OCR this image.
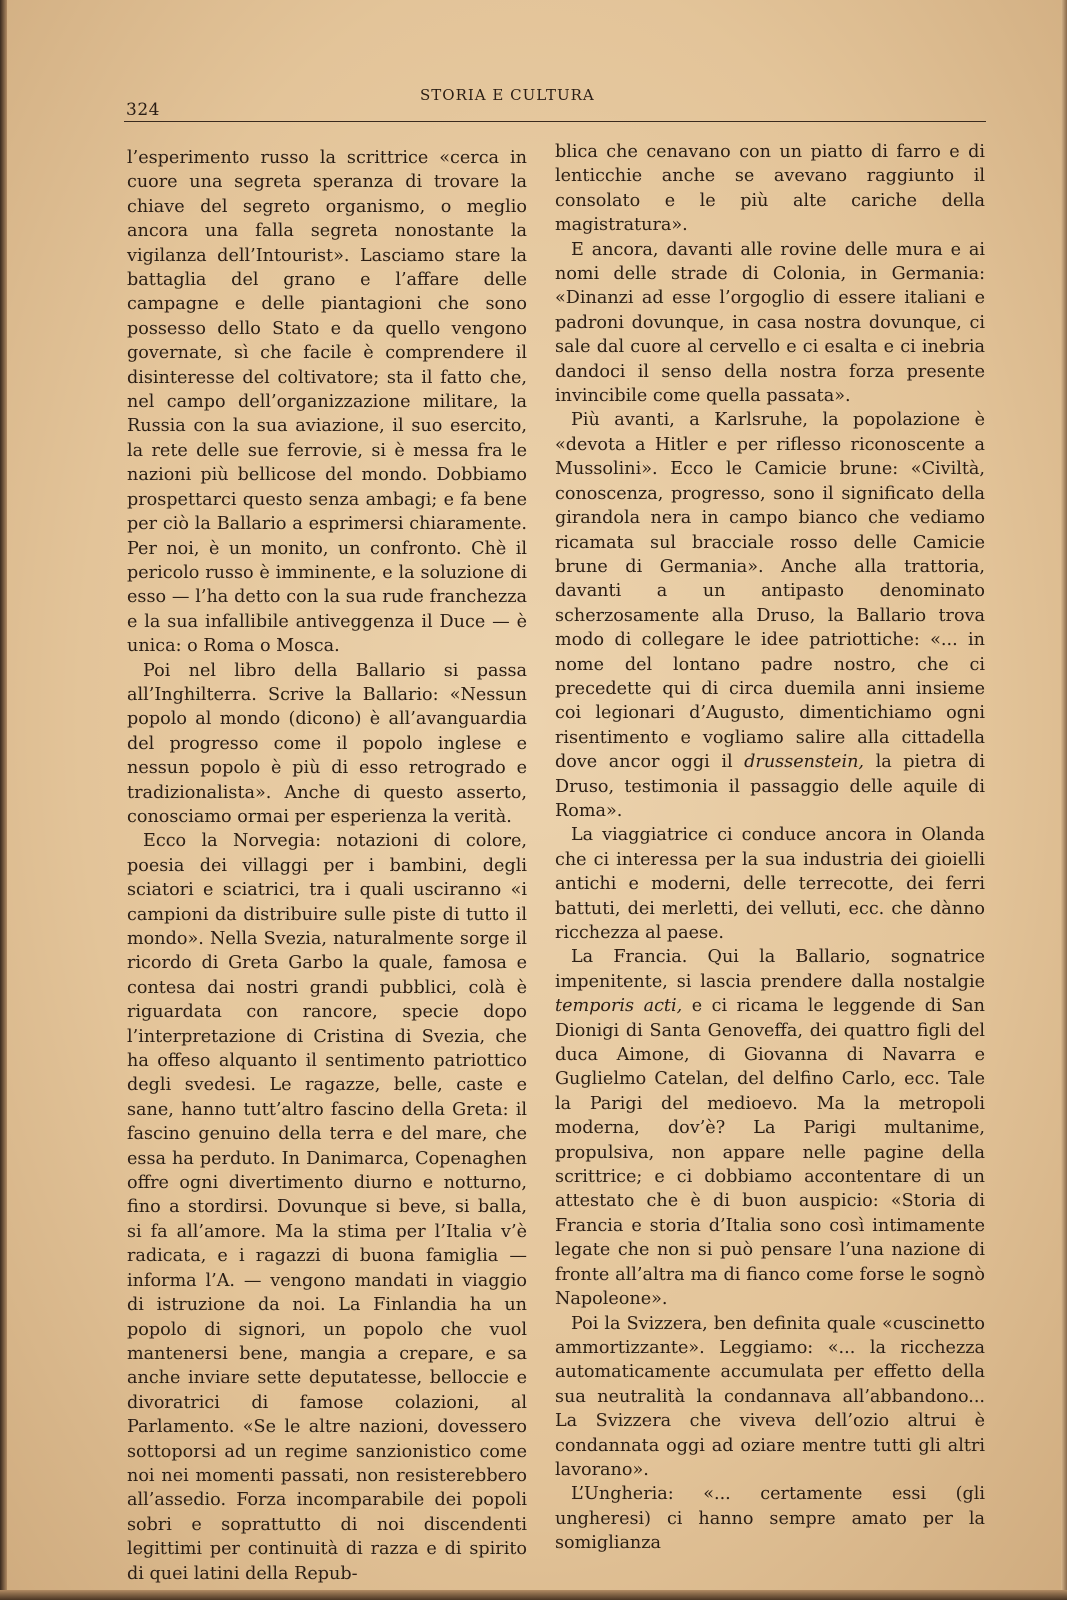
324
STORIA E CULTURA

l’esperimento russo la scrittrice «cerca in cuore una segreta speranza di trovare la chiave del segreto organismo, o meglio ancora una falla segreta nonostante la vigilanza dell’Intourist». Lasciamo stare la battaglia del grano e l’affare delle campagne e delle piantagioni che sono possesso dello Stato e da quello vengono governate, sì che facile è comprendere il disinteresse del coltivatore; sta il fatto che, nel campo dell’organizzazione militare, la Russia con la sua aviazione, il suo esercito, la rete delle sue ferrovie, si è messa fra le nazioni più bellicose del mondo. Dobbiamo prospettarci questo senza ambagi; e fa bene per ciò la Ballario a esprimersi chiaramente. Per noi, è un monito, un confronto. Chè il pericolo russo è imminente, e la soluzione di esso — l’ha detto con la sua rude franchezza e la sua infallibile antiveggenza il Duce — è unica: o Roma o Mosca.

Poi nel libro della Ballario si passa all’Inghilterra. Scrive la Ballario: «Nessun popolo al mondo (dicono) è all’avanguardia del progresso come il popolo inglese e nessun popolo è più di esso retrogrado e tradizionalista». Anche di questo asserto, conosciamo ormai per esperienza la verità.

Ecco la Norvegia: notazioni di colore, poesia dei villaggi per i bambini, degli sciatori e sciatrici, tra i quali usciranno «i campioni da distribuire sulle piste di tutto il mondo». Nella Svezia, naturalmente sorge il ricordo di Greta Garbo la quale, famosa e contesa dai nostri grandi pubblici, colà è riguardata con rancore, specie dopo l’interpretazione di Cristina di Svezia, che ha offeso alquanto il sentimento patriottico degli svedesi. Le ragazze, belle, caste e sane, hanno tutt’altro fascino della Greta: il fascino genuino della terra e del mare, che essa ha perduto. In Danimarca, Copenaghen offre ogni divertimento diurno e notturno, fino a stordirsi. Dovunque si beve, si balla, si fa all’amore. Ma la stima per l’Italia v’è radicata, e i ragazzi di buona famiglia — informa l’A. — vengono mandati in viaggio di istruzione da noi. La Finlandia ha un popolo di signori, un popolo che vuol mantenersi bene, mangia a crepare, e sa anche inviare sette deputatesse, belloccie e divoratrici di famose colazioni, al Parlamento. «Se le altre nazioni, dovessero sottoporsi ad un regime sanzionistico come noi nei momenti passati, non resisterebbero all’assedio. Forza incomparabile dei popoli sobri e soprattutto di noi discendenti legittimi per continuità di razza e di spirito di quei latini della Repub-

blica che cenavano con un piatto di farro e di lenticchie anche se avevano raggiunto il consolato e le più alte cariche della magistratura».

E ancora, davanti alle rovine delle mura e ai nomi delle strade di Colonia, in Germania: «Dinanzi ad esse l’orgoglio di essere italiani e padroni dovunque, in casa nostra dovunque, ci sale dal cuore al cervello e ci esalta e ci inebria dandoci il senso della nostra forza presente invincibile come quella passata».

Più avanti, a Karlsruhe, la popolazione è «devota a Hitler e per riflesso riconoscente a Mussolini». Ecco le Camicie brune: «Civiltà, conoscenza, progresso, sono il significato della girandola nera in campo bianco che vediamo ricamata sul bracciale rosso delle Camicie brune di Germania». Anche alla trattoria, davanti a un antipasto denominato scherzosamente alla Druso, la Ballario trova modo di collegare le idee patriottiche: «... in nome del lontano padre nostro, che ci precedette qui di circa duemila anni insieme coi legionari d’Augusto, dimentichiamo ogni risentimento e vogliamo salire alla cittadella dove ancor oggi il drussenstein, la pietra di Druso, testimonia il passaggio delle aquile di Roma».

La viaggiatrice ci conduce ancora in Olanda che ci interessa per la sua industria dei gioielli antichi e moderni, delle terrecotte, dei ferri battuti, dei merletti, dei velluti, ecc. che dànno ricchezza al paese.

La Francia. Qui la Ballario, sognatrice impenitente, si lascia prendere dalla nostalgie temporis acti, e ci ricama le leggende di San Dionigi di Santa Genoveffa, dei quattro figli del duca Aimone, di Giovanna di Navarra e Guglielmo Catelan, del delfino Carlo, ecc. Tale la Parigi del medioevo. Ma la metropoli moderna, dov’è? La Parigi multanime, propulsiva, non appare nelle pagine della scrittrice; e ci dobbiamo accontentare di un attestato che è di buon auspicio: «Storia di Francia e storia d’Italia sono così intimamente legate che non si può pensare l’una nazione di fronte all’altra ma di fianco come forse le sognò Napoleone».

Poi la Svizzera, ben definita quale «cuscinetto ammortizzante». Leggiamo: «... la ricchezza automaticamente accumulata per effetto della sua neutralità la condannava all’abbandono... La Svizzera che viveva dell’ozio altrui è condannata oggi ad oziare mentre tutti gli altri lavorano».

L’Ungheria: «... certamente essi (gli ungheresi) ci hanno sempre amato per la somiglianza
